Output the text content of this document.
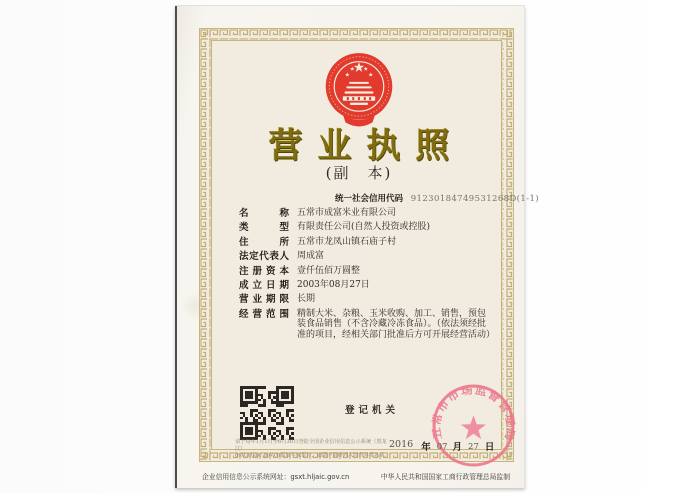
营业执照
(副　本)
统一社会信用代码 91230184749531268D(1-1)
名称 五常市成富米业有限公司
类型 有限责任公司(自然人投资或控股)
住所 五常市龙凤山镇石庙子村
法定代表人 周成富
注册资本 壹仟伍佰万圆整
成立日期 2003年08月27日
营业期限 长期
经营范围 精制大米、杂粮、玉米收购、加工、销售，预包装食品销售（不含冷藏冷冻食品）。（依法须经批准的项目，经相关部门批准后方可开展经营活动）
登记机关
五常市市场监督管理局
2016 年 07 月 27 日
请于每年1月1日至6月30日登陆全国企业信用信息公示系统（黑龙江）
gsxt.hljaic.gov.cn报送年度报告，逾期不报将列入经营异常名录。
企业信用信息公示系统网址：gsxt.hljaic.gov.cn	中华人民共和国国家工商行政管理总局监制
